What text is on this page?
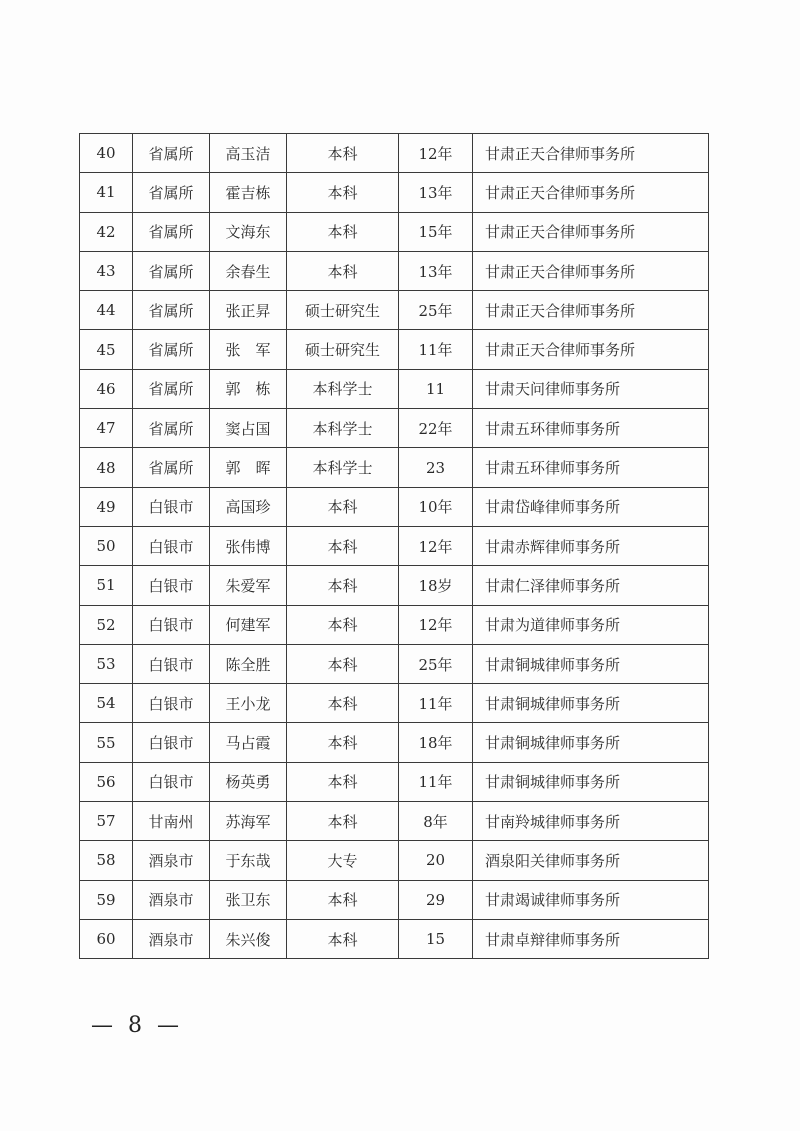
40	省属所	高玉洁	本科	12年	甘肃正天合律师事务所
41	省属所	霍吉栋	本科	13年	甘肃正天合律师事务所
42	省属所	文海东	本科	15年	甘肃正天合律师事务所
43	省属所	余春生	本科	13年	甘肃正天合律师事务所
44	省属所	张正昇	硕士研究生	25年	甘肃正天合律师事务所
45	省属所	张　军	硕士研究生	11年	甘肃正天合律师事务所
46	省属所	郭　栋	本科学士	11	甘肃天问律师事务所
47	省属所	窦占国	本科学士	22年	甘肃五环律师事务所
48	省属所	郭　晖	本科学士	23	甘肃五环律师事务所
49	白银市	高国珍	本科	10年	甘肃岱峰律师事务所
50	白银市	张伟博	本科	12年	甘肃赤辉律师事务所
51	白银市	朱爱军	本科	18岁	甘肃仁泽律师事务所
52	白银市	何建军	本科	12年	甘肃为道律师事务所
53	白银市	陈全胜	本科	25年	甘肃铜城律师事务所
54	白银市	王小龙	本科	11年	甘肃铜城律师事务所
55	白银市	马占霞	本科	18年	甘肃铜城律师事务所
56	白银市	杨英勇	本科	11年	甘肃铜城律师事务所
57	甘南州	苏海军	本科	8年	甘南羚城律师事务所
58	酒泉市	于东哉	大专	20	酒泉阳关律师事务所
59	酒泉市	张卫东	本科	29	甘肃竭诚律师事务所
60	酒泉市	朱兴俊	本科	15	甘肃卓辩律师事务所
— 8 —
